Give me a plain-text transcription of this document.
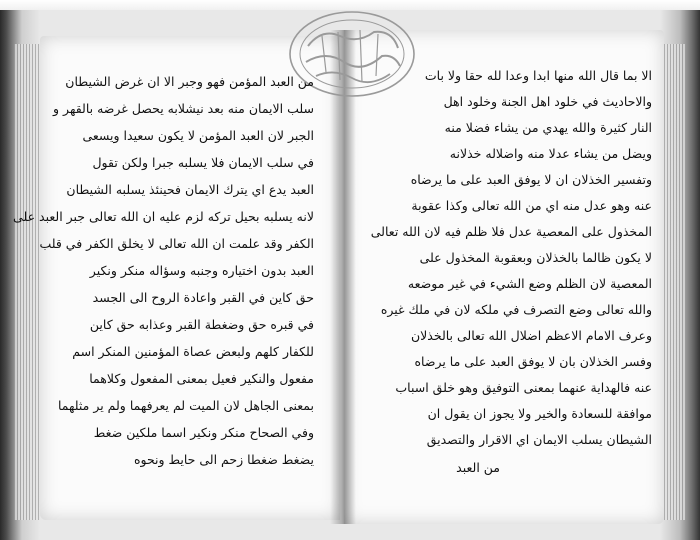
من العبد المؤمن فهو وجبر الا ان غرض الشيطان
سلب الايمان منه بعد نيشلابه يحصل غرضه بالقهر و
الجبر لان العبد المؤمن لا يكون سعيدا ويسعى
في سلب الايمان فلا يسلبه جبرا ولكن تقول
العبد يدع اي يترك الايمان فحينئذ يسلبه الشيطان
لانه يسلبه بحيل تركه لزم عليه ان الله تعالى جبر العبد على
الكفر وقد علمت ان الله تعالى لا يخلق الكفر في قلب
العبد بدون اختياره وجنبه وسؤاله منكر ونكير
حق كاين في القبر واعادة الروح الى الجسد
في قبره حق وضغطة القبر وعذابه حق كاين
للكفار كلهم ولبعض عصاة المؤمنين المنكر اسم
مفعول والنكير فعيل بمعنى المفعول وكلاهما
بمعنى الجاهل لان الميت لم يعرفهما ولم ير مثلهما
وفي الصحاح منكر ونكير اسما ملكين ضغط
يضغط ضغطا زحم الى حايط ونحوه
الا بما قال الله منها ابدا وعدا لله حقا ولا بات
والاحاديث في خلود اهل الجنة وخلود اهل
النار كثيرة والله يهدي من يشاء فضلا منه
ويضل من يشاء عدلا منه واضلاله خذلانه
وتفسير الخذلان ان لا يوفق العبد على ما يرضاه
عنه وهو عدل منه اي من الله تعالى وكذا عقوبة
المخذول على المعصية عدل فلا ظلم فيه لان الله تعالى
لا يكون ظالما بالخذلان وبعقوبة المخذول على
المعصية لان الظلم وضع الشيء في غير موضعه
والله تعالى وضع التصرف في ملكه لان في ملك غيره
وعرف الامام الاعظم اضلال الله تعالى بالخذلان
وفسر الخذلان بان لا يوفق العبد على ما يرضاه
عنه فالهداية عنهما بمعنى التوفيق وهو خلق اسباب
موافقة للسعادة والخير ولا يجوز ان يقول ان
الشيطان يسلب الايمان اي الاقرار والتصديق
من العبد
